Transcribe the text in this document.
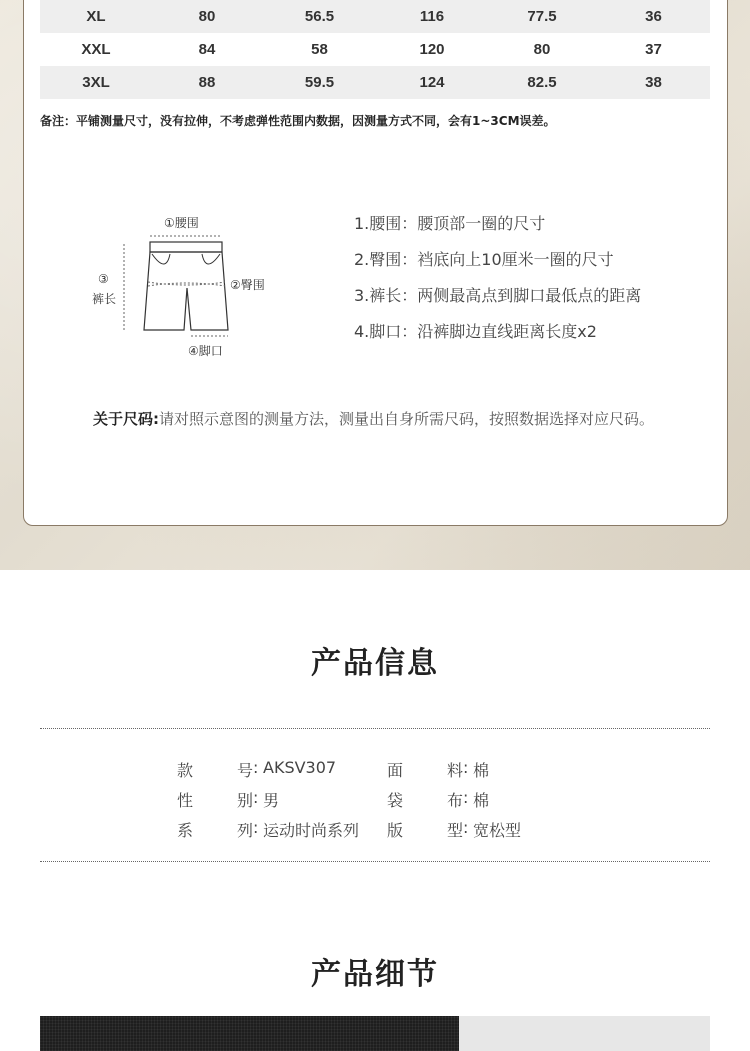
XL	80	56.5	116	77.5	36
XXL	84	58	120	80	37
3XL	88	59.5	124	82.5	38
备注：平铺测量尺寸，没有拉伸，不考虑弹性范围内数据，因测量方式不同，会有1~3CM误差。
①腰围
②臀围
③
裤长
④脚口
1.腰围：腰顶部一圈的尺寸
2.臀围：裆底向上10厘米一圈的尺寸
3.裤长：两侧最高点到脚口最低点的距离
4.脚口：沿裤脚边直线距离长度x2
关于尺码:请对照示意图的测量方法，测量出自身所需尺码，按照数据选择对应尺码。
产品信息
款	号 : AKSV307	面	料 : 棉
性	别 : 男	袋	布 : 棉
系	列 : 运动时尚系列 版	型 : 宽松型
产品细节
